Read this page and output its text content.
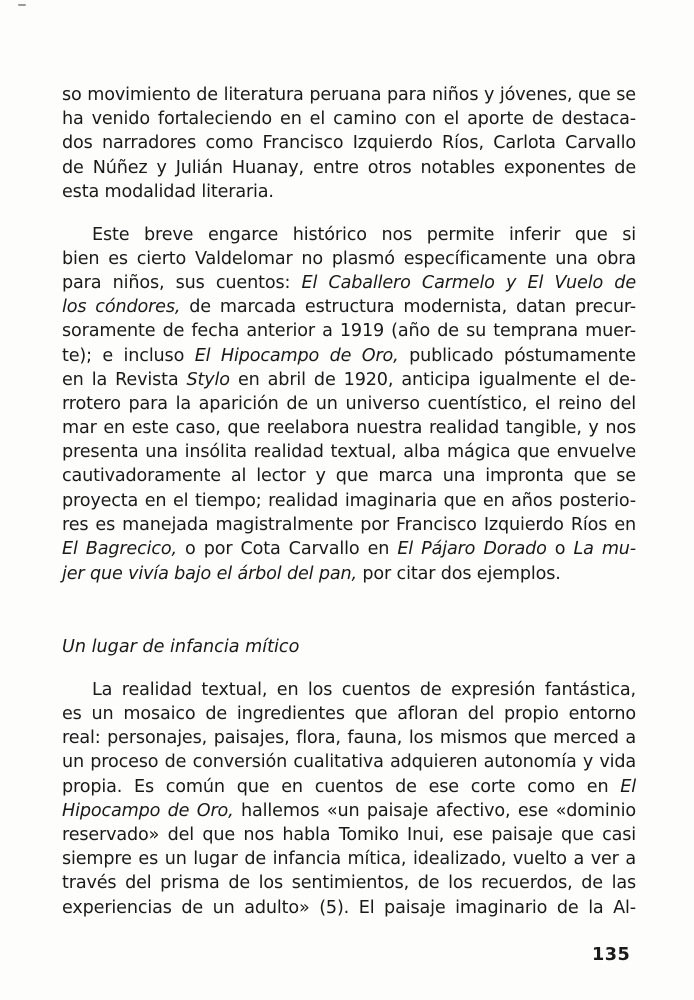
so movimiento de literatura peruana para niños y jóvenes, que se
ha venido fortaleciendo en el camino con el aporte de destaca-
dos narradores como Francisco Izquierdo Ríos, Carlota Carvallo
de Núñez y Julián Huanay, entre otros notables exponentes de
esta modalidad literaria.
Este breve engarce histórico nos permite inferir que si
bien es cierto Valdelomar no plasmó específicamente una obra
para niños, sus cuentos: El Caballero Carmelo y El Vuelo de
los cóndores, de marcada estructura modernista, datan precur-
soramente de fecha anterior a 1919 (año de su temprana muer-
te); e incluso El Hipocampo de Oro, publicado póstumamente
en la Revista Stylo en abril de 1920, anticipa igualmente el de-
rrotero para la aparición de un universo cuentístico, el reino del
mar en este caso, que reelabora nuestra realidad tangible, y nos
presenta una insólita realidad textual, alba mágica que envuelve
cautivadoramente al lector y que marca una impronta que se
proyecta en el tiempo; realidad imaginaria que en años posterio-
res es manejada magistralmente por Francisco Izquierdo Ríos en
El Bagrecico, o por Cota Carvallo en El Pájaro Dorado o La mu-
jer que vivía bajo el árbol del pan, por citar dos ejemplos.
Un lugar de infancia mítico
La realidad textual, en los cuentos de expresión fantástica,
es un mosaico de ingredientes que afloran del propio entorno
real: personajes, paisajes, flora, fauna, los mismos que merced a
un proceso de conversión cualitativa adquieren autonomía y vida
propia. Es común que en cuentos de ese corte como en El
Hipocampo de Oro, hallemos «un paisaje afectivo, ese «dominio
reservado» del que nos habla Tomiko Inui, ese paisaje que casi
siempre es un lugar de infancia mítica, idealizado, vuelto a ver a
través del prisma de los sentimientos, de los recuerdos, de las
experiencias de un adulto» (5). El paisaje imaginario de la Al-
135
